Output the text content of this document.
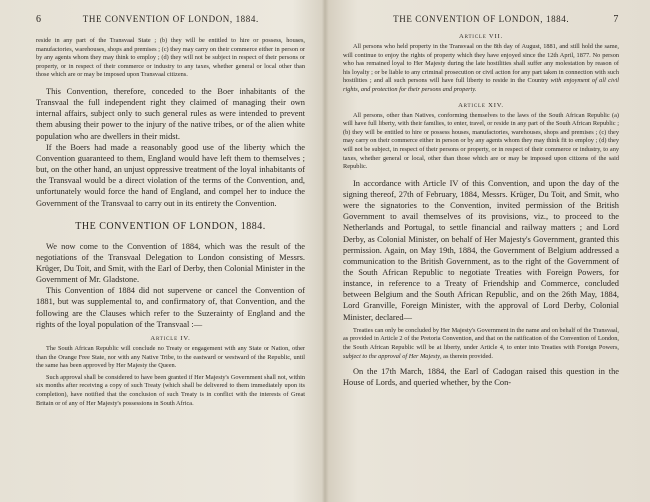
6	THE CONVENTION OF LONDON, 1884.

reside in any part of the Transvaal State ; (b) they will be entitled to hire or possess, houses, manufactories, warehouses, shops and premises ; (c) they may carry on their commerce either in person or by any agents whom they may think to employ ; (d) they will not be subject in respect of their persons or property, or in respect of their commerce or industry to any taxes, whether general or local other than those which are or may be imposed upon Transvaal citizens.

This Convention, therefore, conceded to the Boer inhabitants of the Transvaal the full independent right they claimed of managing their own internal affairs, subject only to such general rules as were intended to prevent them abusing their power to the injury of the native tribes, or of the alien white population who are dwellers in their midst.

If the Boers had made a reasonably good use of the liberty which the Convention guaranteed to them, England would have left them to themselves ; but, on the other hand, an unjust oppressive treatment of the loyal inhabitants of the Transvaal would be a direct violation of the terms of the Convention, and, unfortunately would force the hand of England, and compel her to induce the Government of the Transvaal to carry out in its entirety the Convention.

THE CONVENTION OF LONDON, 1884.

We now come to the Convention of 1884, which was the result of the negotiations of the Transvaal Delegation to London consisting of Messrs. Krüger, Du Toit, and Smit, with the Earl of Derby, then Colonial Minister in the Government of Mr. Gladstone.

This Convention of 1884 did not supervene or cancel the Convention of 1881, but was supplemental to, and confirmatory of, that Convention, and the following are the Clauses which refer to the Suzerainty of England and the rights of the loyal population of the Transvaal :—

Article IV.

The South African Republic will conclude no Treaty or engagement with any State or Nation, other than the Orange Free State, nor with any Native Tribe, to the eastward or westward of the Republic, until the same has been approved by Her Majesty the Queen.

Such approval shall be considered to have been granted if Her Majesty's Government shall not, within six months after receiving a copy of such Treaty (which shall be delivered to them immediately upon its completion), have notified that the conclusion of such Treaty is in conflict with the interests of Great Britain or of any of Her Majesty's possessions in South Africa.

THE CONVENTION OF LONDON, 1884.	7
Article VII.

All persons who held property in the Transvaal on the 8th day of August, 1881, and still hold the same, will continue to enjoy the rights of property which they have enjoyed since the 12th April, 1877. No person who has remained loyal to Her Majesty during the late hostilities shall suffer any molestation by reason of his loyalty ; or be liable to any criminal prosecution or civil action for any part taken in connection with such hostilities ; and all such persons will have full liberty to reside in the Country with enjoyment of all civil rights, and protection for their persons and property.

Article XIV.

All persons, other than Natives, conforming themselves to the laws of the South African Republic (a) will have full liberty, with their families, to enter, travel, or reside in any part of the South African Republic ; (b) they will be entitled to hire or possess houses, manufactories, warehouses, shops and premises ; (c) they may carry on their commerce either in person or by any agents whom they may think fit to employ ; (d) they will not be subject, in respect of their persons or property, or in respect of their commerce or industry, to any taxes, whether general or local, other than those which are or may be imposed upon citizens of the said Republic.

In accordance with Article IV of this Convention, and upon the day of the signing thereof, 27th of February, 1884, Messrs. Krüger, Du Toit, and Smit, who were the signatories to the Convention, invited permission of the British Government to avail themselves of its provisions, viz., to proceed to the Netherlands and Portugal, to settle financial and railway matters ; and Lord Derby, as Colonial Minister, on behalf of Her Majesty's Government, granted this permission. Again, on May 19th, 1884, the Government of Belgium addressed a communication to the British Government, as to the right of the Government of the South African Republic to negotiate Treaties with Foreign Powers, for instance, in reference to a Treaty of Friendship and Commerce, concluded between Belgium and the South African Republic, and on the 26th May, 1884, Lord Granville, Foreign Minister, with the approval of Lord Derby, Colonial Minister, declared—

Treaties can only be concluded by Her Majesty's Government in the name and on behalf of the Transvaal, as provided in Article 2 of the Pretoria Convention, and that on the ratification of the Convention of London, the South African Republic will be at liberty, under Article 4, to enter into Treaties with Foreign Powers, subject to the approval of Her Majesty, as therein provided.

On the 17th March, 1884, the Earl of Cadogan raised this question in the House of Lords, and queried whether, by the Con-
